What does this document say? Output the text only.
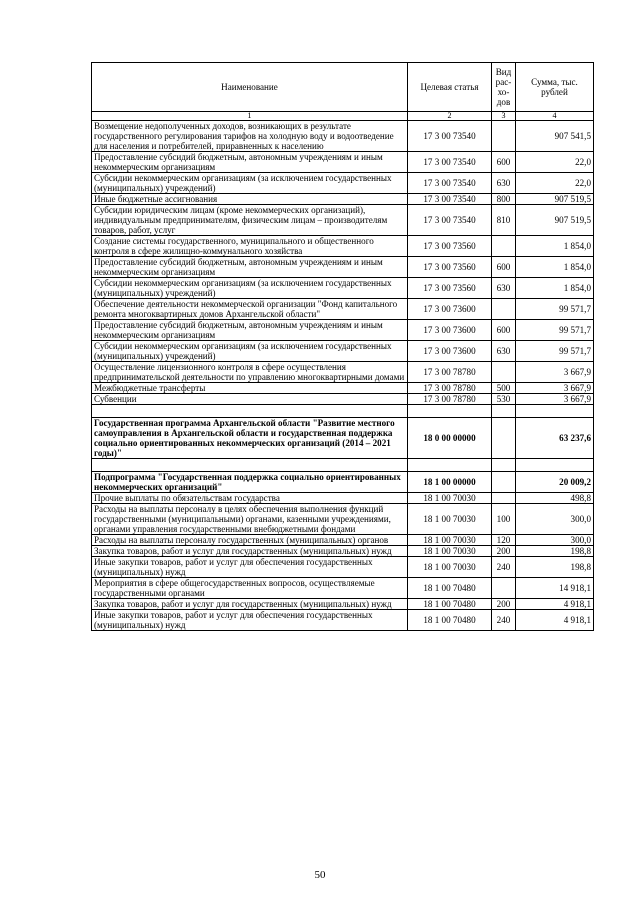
Наименование	Целевая статья	Вид рас-хо-дов	Сумма, тыс. рублей
1	2	3	4
Возмещение недополученных доходов, возникающих в результате государственного регулирования тарифов на холодную воду и водоотведение для населения и потребителей, приравненных к населению	17 3 00 73540		907 541,5
Предоставление субсидий бюджетным, автономным учреждениям и иным некоммерческим организациям	17 3 00 73540	600	22,0
Субсидии некоммерческим организациям (за исключением государственных (муниципальных) учреждений)	17 3 00 73540	630	22,0
Иные бюджетные ассигнования	17 3 00 73540	800	907 519,5
Субсидии юридическим лицам (кроме некоммерческих организаций), индивидуальным предпринимателям, физическим лицам – производителям товаров, работ, услуг	17 3 00 73540	810	907 519,5
Создание системы государственного, муниципального и общественного контроля в сфере жилищно-коммунального хозяйства	17 3 00 73560		1 854,0
Предоставление субсидий бюджетным, автономным учреждениям и иным некоммерческим организациям	17 3 00 73560	600	1 854,0
Субсидии некоммерческим организациям (за исключением государственных (муниципальных) учреждений)	17 3 00 73560	630	1 854,0
Обеспечение деятельности некоммерческой организации "Фонд капитального ремонта многоквартирных домов Архангельской области"	17 3 00 73600		99 571,7
Предоставление субсидий бюджетным, автономным учреждениям и иным некоммерческим организациям	17 3 00 73600	600	99 571,7
Субсидии некоммерческим организациям (за исключением государственных (муниципальных) учреждений)	17 3 00 73600	630	99 571,7
Осуществление лицензионного контроля в сфере осуществления предпринимательской деятельности по управлению многоквартирными домами	17 3 00 78780		3 667,9
Межбюджетные трансферты	17 3 00 78780	500	3 667,9
Субвенции	17 3 00 78780	530	3 667,9

Государственная программа Архангельской области "Развитие местного самоуправления в Архангельской области и государственная поддержка социально ориентированных некоммерческих организаций (2014 – 2021 годы)"	18 0 00 00000		63 237,6

Подпрограмма "Государственная поддержка социально ориентированных некоммерческих организаций"	18 1 00 00000		20 009,2
Прочие выплаты по обязательствам государства	18 1 00 70030		498,8
Расходы на выплаты персоналу в целях обеспечения выполнения функций государственными (муниципальными) органами, казенными учреждениями, органами управления государственными внебюджетными фондами	18 1 00 70030	100	300,0
Расходы на выплаты персоналу государственных (муниципальных) органов	18 1 00 70030	120	300,0
Закупка товаров, работ и услуг для государственных (муниципальных) нужд	18 1 00 70030	200	198,8
Иные закупки товаров, работ и услуг для обеспечения государственных (муниципальных) нужд	18 1 00 70030	240	198,8
Мероприятия в сфере общегосударственных вопросов, осуществляемые государственными органами	18 1 00 70480		14 918,1
Закупка товаров, работ и услуг для государственных (муниципальных) нужд	18 1 00 70480	200	4 918,1
Иные закупки товаров, работ и услуг для обеспечения государственных (муниципальных) нужд	18 1 00 70480	240	4 918,1
50
